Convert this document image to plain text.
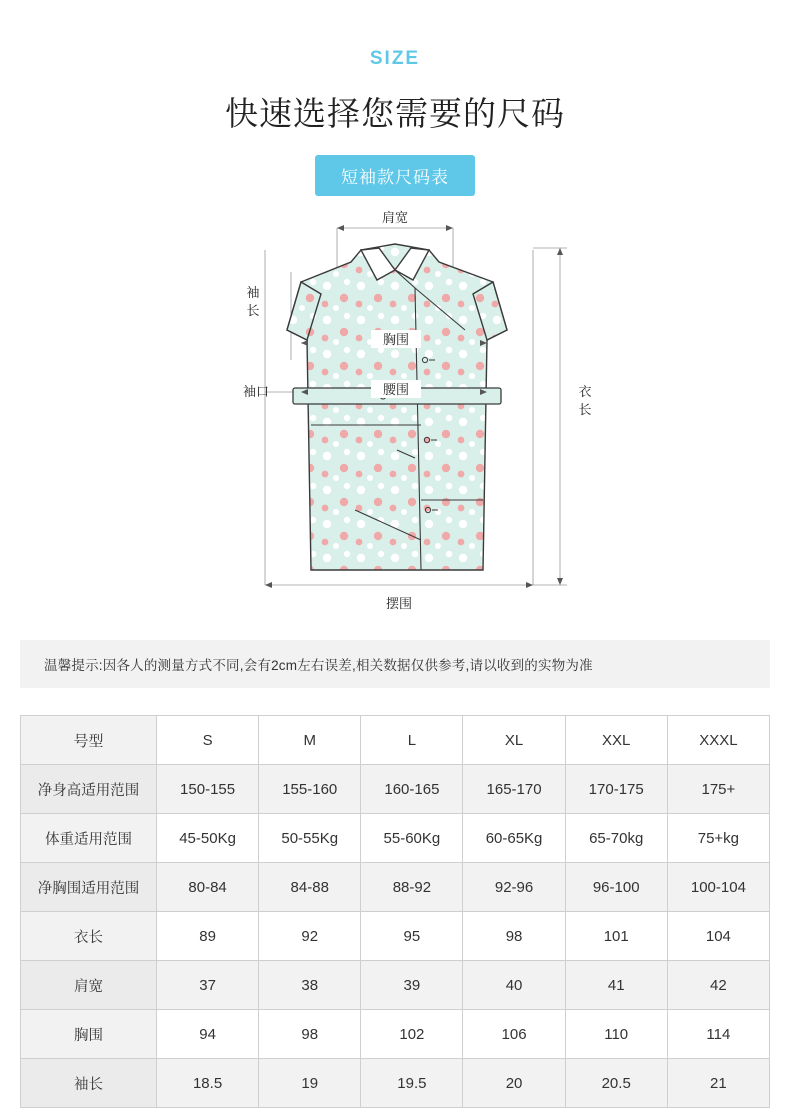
SIZE
快速选择您需要的尺码
短袖款尺码表
肩宽
袖
长
胸围
腰围
袖口	衣
长
摆围
温馨提示:因各人的测量方式不同,会有2cm左右误差,相关数据仅供参考,请以收到的实物为准
号型	S	M	L	XL	XXL	XXXL
净身高适用范围	150-155	155-160	160-165	165-170	170-175	175+
体重适用范围	45-50Kg	50-55Kg	55-60Kg	60-65Kg	65-70kg	75+kg
净胸围适用范围	80-84	84-88	88-92	92-96	96-100	100-104
衣长	89	92	95	98	101	104
肩宽	37	38	39	40	41	42
胸围	94	98	102	106	110	114
袖长	18.5	19	19.5	20	20.5	21
